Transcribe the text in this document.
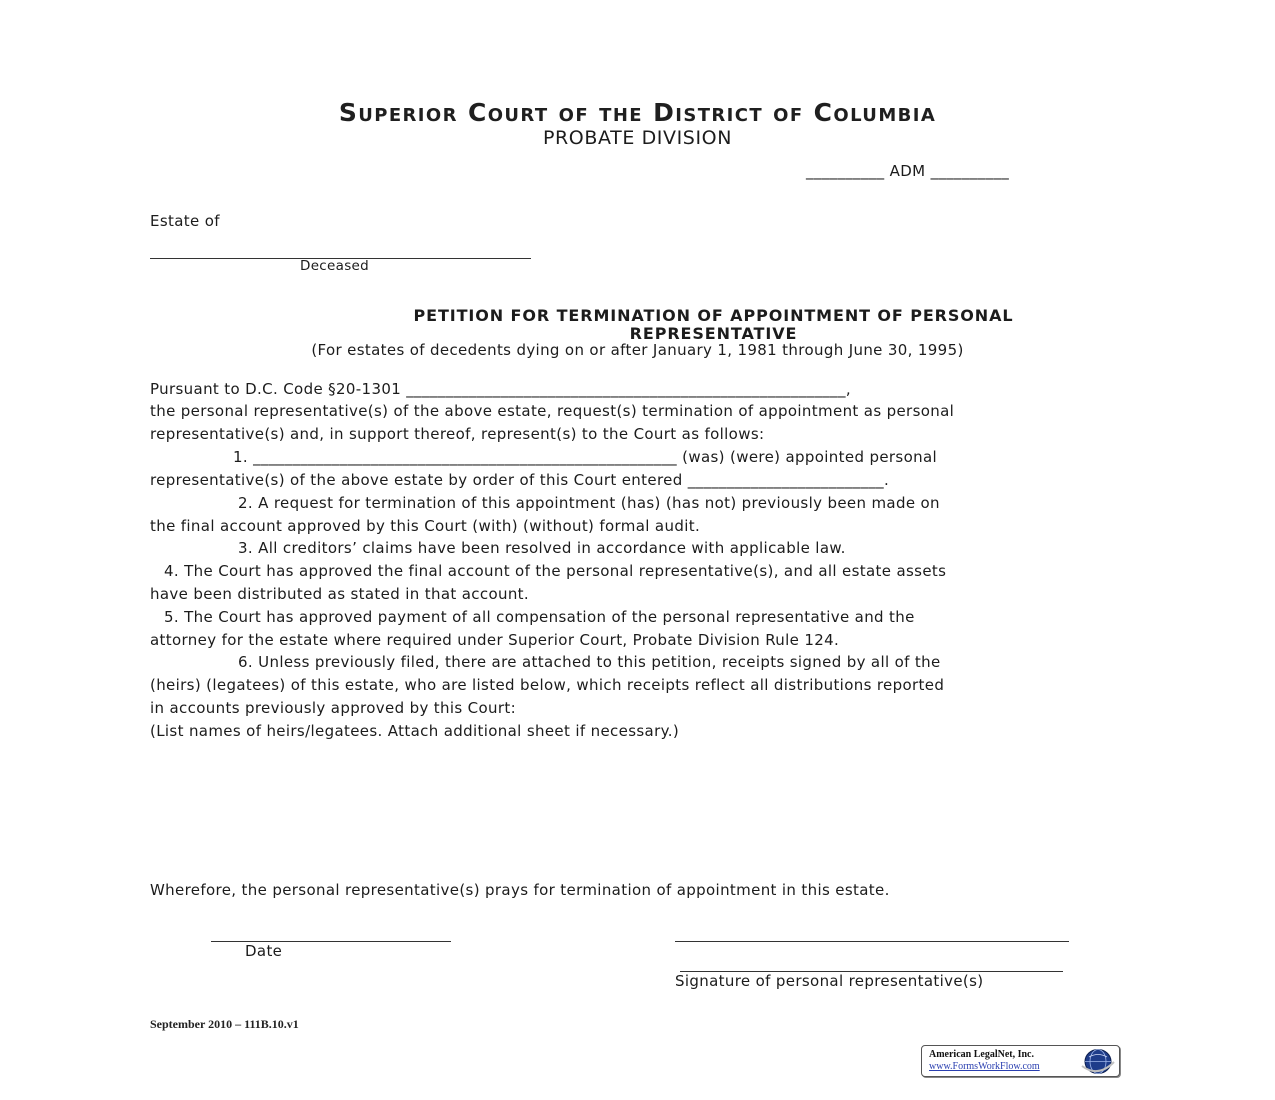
Superior Court of the District of Columbia
PROBATE DIVISION
__________ ADM __________
Estate of
Deceased
PETITION FOR TERMINATION OF APPOINTMENT OF PERSONAL
REPRESENTATIVE
(For estates of decedents dying on or after January 1, 1981 through June 30, 1995)
Pursuant to D.C. Code §20-1301 ________________________________________________________,
the personal representative(s) of the above estate, request(s) termination of appointment as personal
representative(s) and, in support thereof, represent(s) to the Court as follows:
1. ______________________________________________________ (was) (were) appointed personal
representative(s) of the above estate by order of this Court entered _________________________.
2. A request for termination of this appointment (has) (has not) previously been made on
the final account approved by this Court (with) (without) formal audit.
3. All creditors’ claims have been resolved in accordance with applicable law.
4. The Court has approved the final account of the personal representative(s), and all estate assets
have been distributed as stated in that account.
5. The Court has approved payment of all compensation of the personal representative and the
attorney for the estate where required under Superior Court, Probate Division Rule 124.
6. Unless previously filed, there are attached to this petition, receipts signed by all of the
(heirs) (legatees) of this estate, who are listed below, which receipts reflect all distributions reported
in accounts previously approved by this Court:
(List names of heirs/legatees. Attach additional sheet if necessary.)
Wherefore, the personal representative(s) prays for termination of appointment in this estate.
Date
Signature of personal representative(s)
September 2010 – 111B.10.v1
American LegalNet, Inc.
www.FormsWorkFlow.com
